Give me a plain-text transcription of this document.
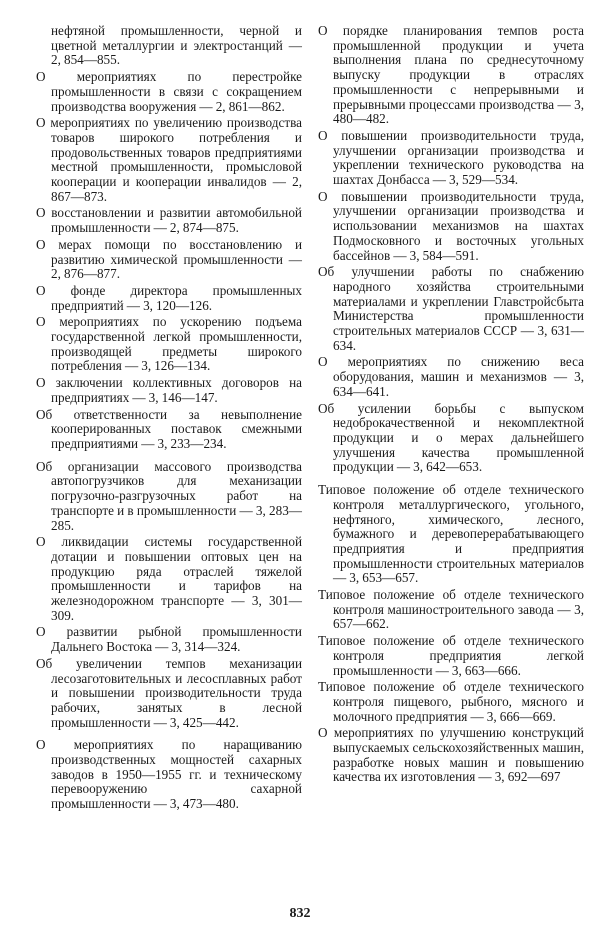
нефтяной промышленности, черной и цветной металлургии и электростанций — 2, 854—855.

О мероприятиях по перестройке промышленности в связи с сокращением производства вооружения — 2, 861—862.

О мероприятиях по увеличению производства товаров широкого потребления и продовольственных товаров предприятиями местной промышленности, промысловой кооперации и кооперации инвалидов — 2, 867—873.

О восстановлении и развитии автомобильной промышленности — 2, 874—875.

О мерах помощи по восстановлению и развитию химической промышленности — 2, 876—877.

О фонде директора промышленных предприятий — 3, 120—126.

О мероприятиях по ускорению подъема государственной легкой промышленности, производящей предметы широкого потребления — 3, 126—134.

О заключении коллективных договоров на предприятиях — 3, 146—147.

Об ответственности за невыполнение кооперированных поставок смежными предприятиями — 3, 233—234.

Об организации массового производства автопогрузчиков для механизации погрузочно-разгрузочных работ на транспорте и в промышленности — 3, 283—285.

О ликвидации системы государственной дотации и повышении оптовых цен на продукцию ряда отраслей тяжелой промышленности и тарифов на железнодорожном транспорте — 3, 301—309.

О развитии рыбной промышленности Дальнего Востока — 3, 314—324.

Об увеличении темпов механизации лесозаготовительных и лесосплавных работ и повышении производительности труда рабочих, занятых в лесной промышленности — 3, 425—442.

О мероприятиях по наращиванию производственных мощностей сахарных заводов в 1950—1955 гг. и техническому перевооружению сахарной промышленности — 3, 473—480.

О порядке планирования темпов роста промышленной продукции и учета выполнения плана по среднесуточному выпуску продукции в отраслях промышленности с непрерывными и прерывными процессами производства — 3, 480—482.

О повышении производительности труда, улучшении организации производства и укреплении технического руководства на шахтах Донбасса — 3, 529—534.

О повышении производительности труда, улучшении организации производства и использовании механизмов на шахтах Подмосковного и восточных угольных бассейнов — 3, 584—591.

Об улучшении работы по снабжению народного хозяйства строительными материалами и укреплении Главстройсбыта Министерства промышленности строительных материалов СССР — 3, 631—634.

О мероприятиях по снижению веса оборудования, машин и механизмов — 3, 634—641.

Об усилении борьбы с выпуском недоброкачественной и некомплектной продукции и о мерах дальнейшего улучшения качества промышленной продукции — 3, 642—653.

Типовое положение об отделе технического контроля металлургического, угольного, нефтяного, химического, лесного, бумажного и деревоперерабатывающего предприятия и предприятия промышленности строительных материалов — 3, 653—657.

Типовое положение об отделе технического контроля машиностроительного завода — 3, 657—662.

Типовое положение об отделе технического контроля предприятия легкой промышленности — 3, 663—666.

Типовое положение об отделе технического контроля пищевого, рыбного, мясного и молочного предприятия — 3, 666—669.

О мероприятиях по улучшению конструкций выпускаемых сельскохозяйственных машин, разработке новых машин и повышению качества их изготовления — 3, 692—697

832
